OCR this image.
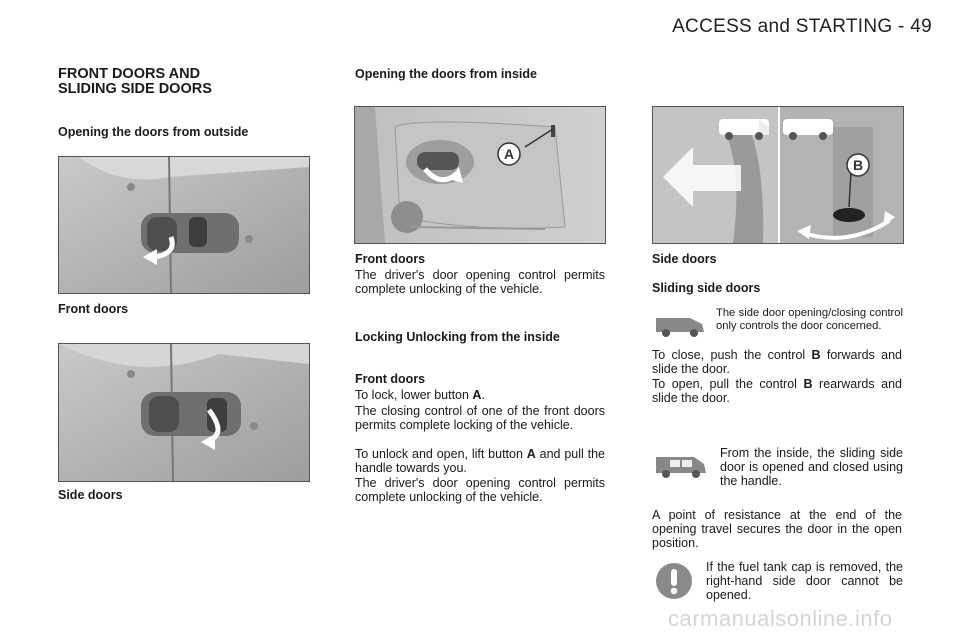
ACCESS and STARTING - 49
FRONT DOORS AND
SLIDING SIDE DOORS
Opening the doors from outside
Front doors
Side doors
Opening the doors from inside
A
Front doors
The driver's door opening control permits complete unlocking of the vehicle.
Locking Unlocking from the inside
Front doors
To lock, lower button A.
The closing control of one of the front doors permits complete locking of the vehicle.
To unlock and open, lift button A and pull the handle towards you.
The driver's door opening control permits complete unlocking of the vehicle.
B
Side doors
Sliding side doors
The side door opening/closing control only controls the door concerned.
To close, push the control B forwards and slide the door.
To open, pull the control B rearwards and slide the door.
From the inside, the sliding side door is opened and closed using the handle.
A point of resistance at the end of the opening travel secures the door in the open position.
If the fuel tank cap is removed, the right-hand side door cannot be opened.
carmanualsonline.info
